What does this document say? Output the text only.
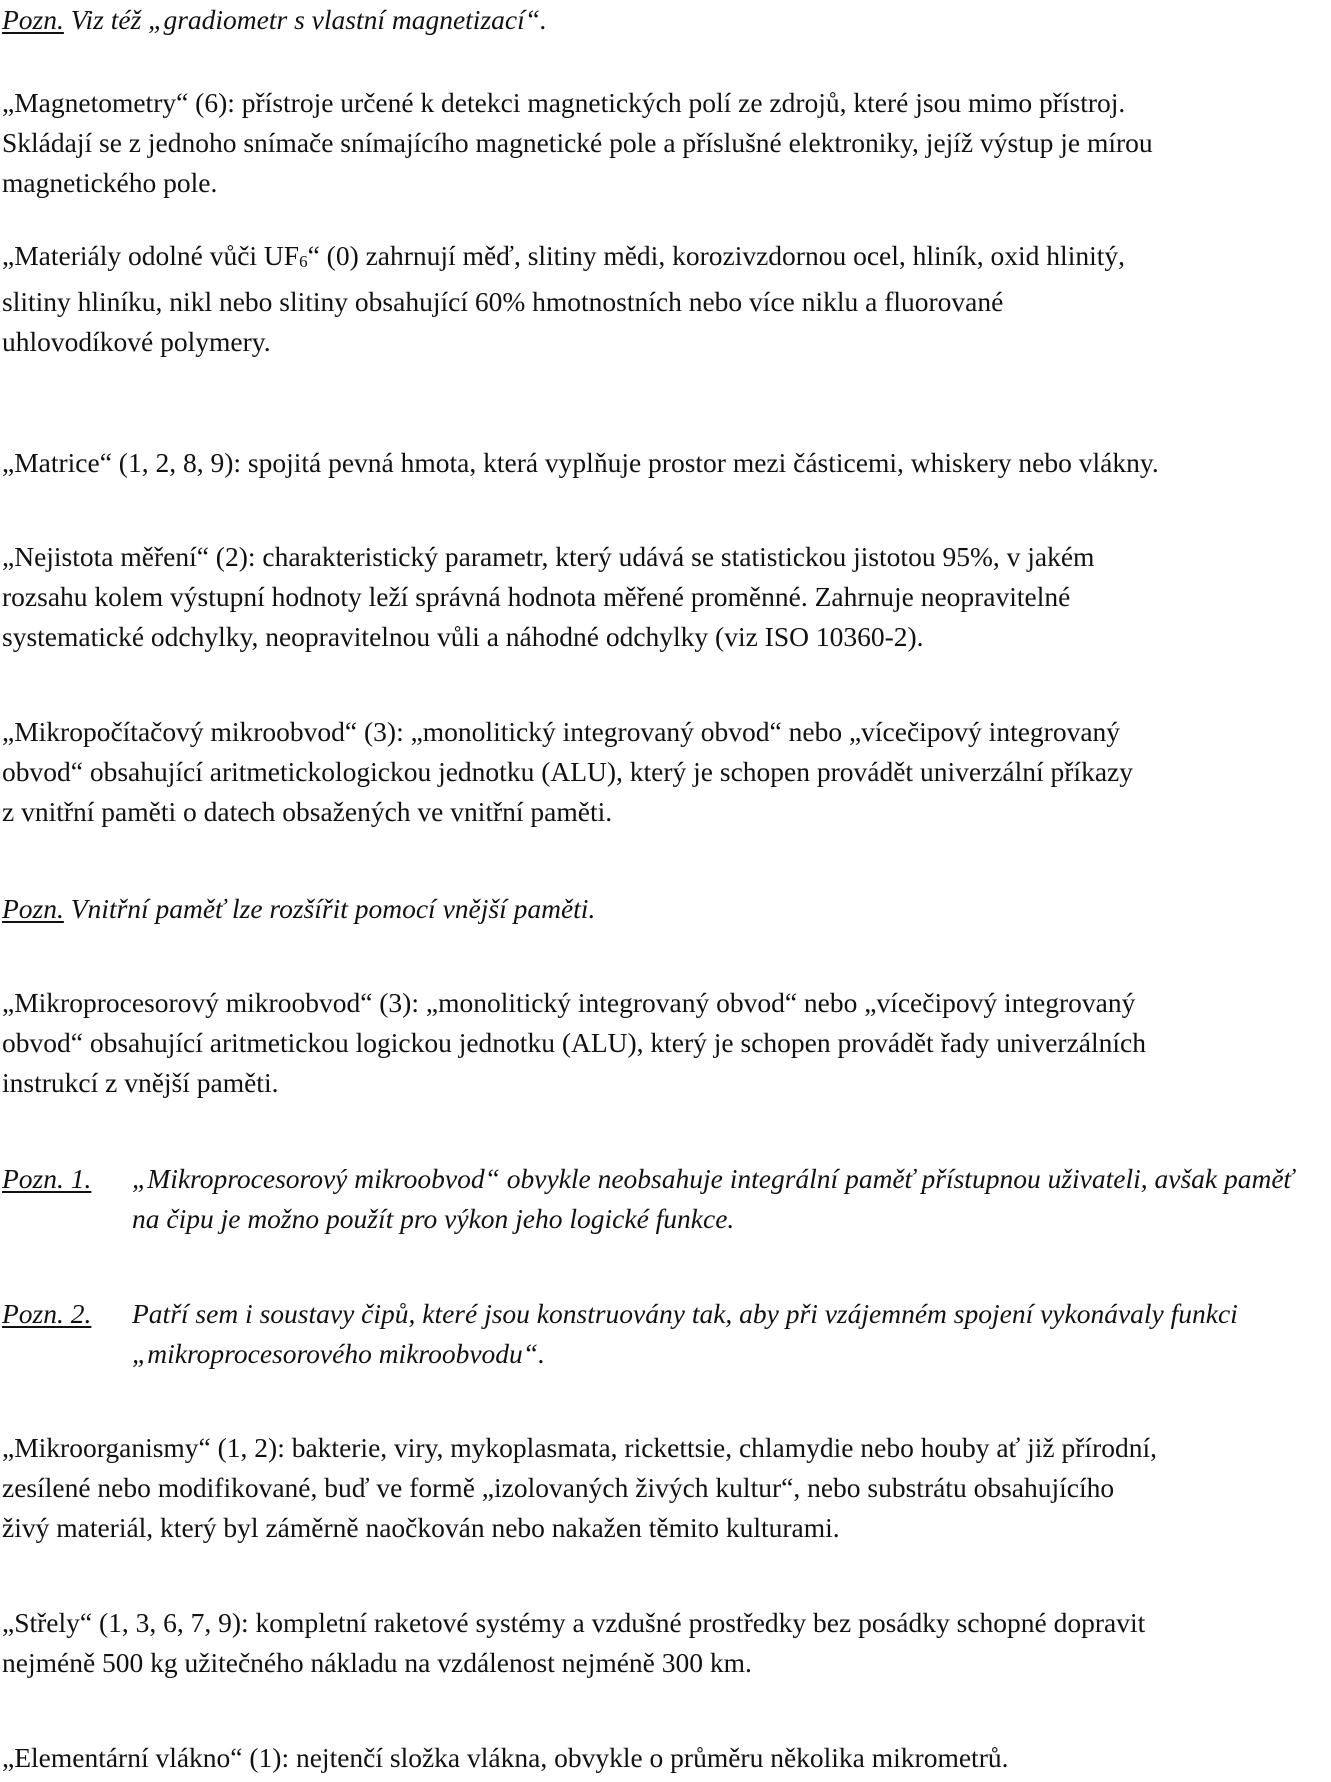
Pozn. Viz též „gradiometr s vlastní magnetizací“.
„Magnetometry“ (6): přístroje určené k detekci magnetických polí ze zdrojů, které jsou mimo přístroj.
Skládají se z jednoho snímače snímajícího magnetické pole a příslušné elektroniky, jejíž výstup je mírou
magnetického pole.
„Materiály odolné vůči UF6“ (0) zahrnují měď, slitiny mědi, korozivzdornou ocel, hliník, oxid hlinitý,
slitiny hliníku, nikl nebo slitiny obsahující 60% hmotnostních nebo více niklu a fluorované
uhlovodíkové polymery.
„Matrice“ (1, 2, 8, 9): spojitá pevná hmota, která vyplňuje prostor mezi částicemi, whiskery nebo vlákny.
„Nejistota měření“ (2): charakteristický parametr, který udává se statistickou jistotou 95%, v jakém
rozsahu kolem výstupní hodnoty leží správná hodnota měřené proměnné. Zahrnuje neopravitelné
systematické odchylky, neopravitelnou vůli a náhodné odchylky (viz ISO 10360-2).
„Mikropočítačový mikroobvod“ (3): „monolitický integrovaný obvod“ nebo „vícečipový integrovaný
obvod“ obsahující aritmetickologickou jednotku (ALU), který je schopen provádět univerzální příkazy
z vnitřní paměti o datech obsažených ve vnitřní paměti.
Pozn. Vnitřní paměť lze rozšířit pomocí vnější paměti.
„Mikroprocesorový mikroobvod“ (3): „monolitický integrovaný obvod“ nebo „vícečipový integrovaný
obvod“ obsahující aritmetickou logickou jednotku (ALU), který je schopen provádět řady univerzálních
instrukcí z vnější paměti.
Pozn. 1. „Mikroprocesorový mikroobvod“ obvykle neobsahuje integrální paměť přístupnou uživateli, avšak paměť
na čipu je možno použít pro výkon jeho logické funkce.
Pozn. 2. Patří sem i soustavy čipů, které jsou konstruovány tak, aby při vzájemném spojení vykonávaly funkci
„mikroprocesorového mikroobvodu“.
„Mikroorganismy“ (1, 2): bakterie, viry, mykoplasmata, rickettsie, chlamydie nebo houby ať již přírodní,
zesílené nebo modifikované, buď ve formě „izolovaných živých kultur“, nebo substrátu obsahujícího
živý materiál, který byl záměrně naočkován nebo nakažen těmito kulturami.
„Střely“ (1, 3, 6, 7, 9): kompletní raketové systémy a vzdušné prostředky bez posádky schopné dopravit
nejméně 500 kg užitečného nákladu na vzdálenost nejméně 300 km.
„Elementární vlákno“ (1): nejtenčí složka vlákna, obvykle o průměru několika mikrometrů.
